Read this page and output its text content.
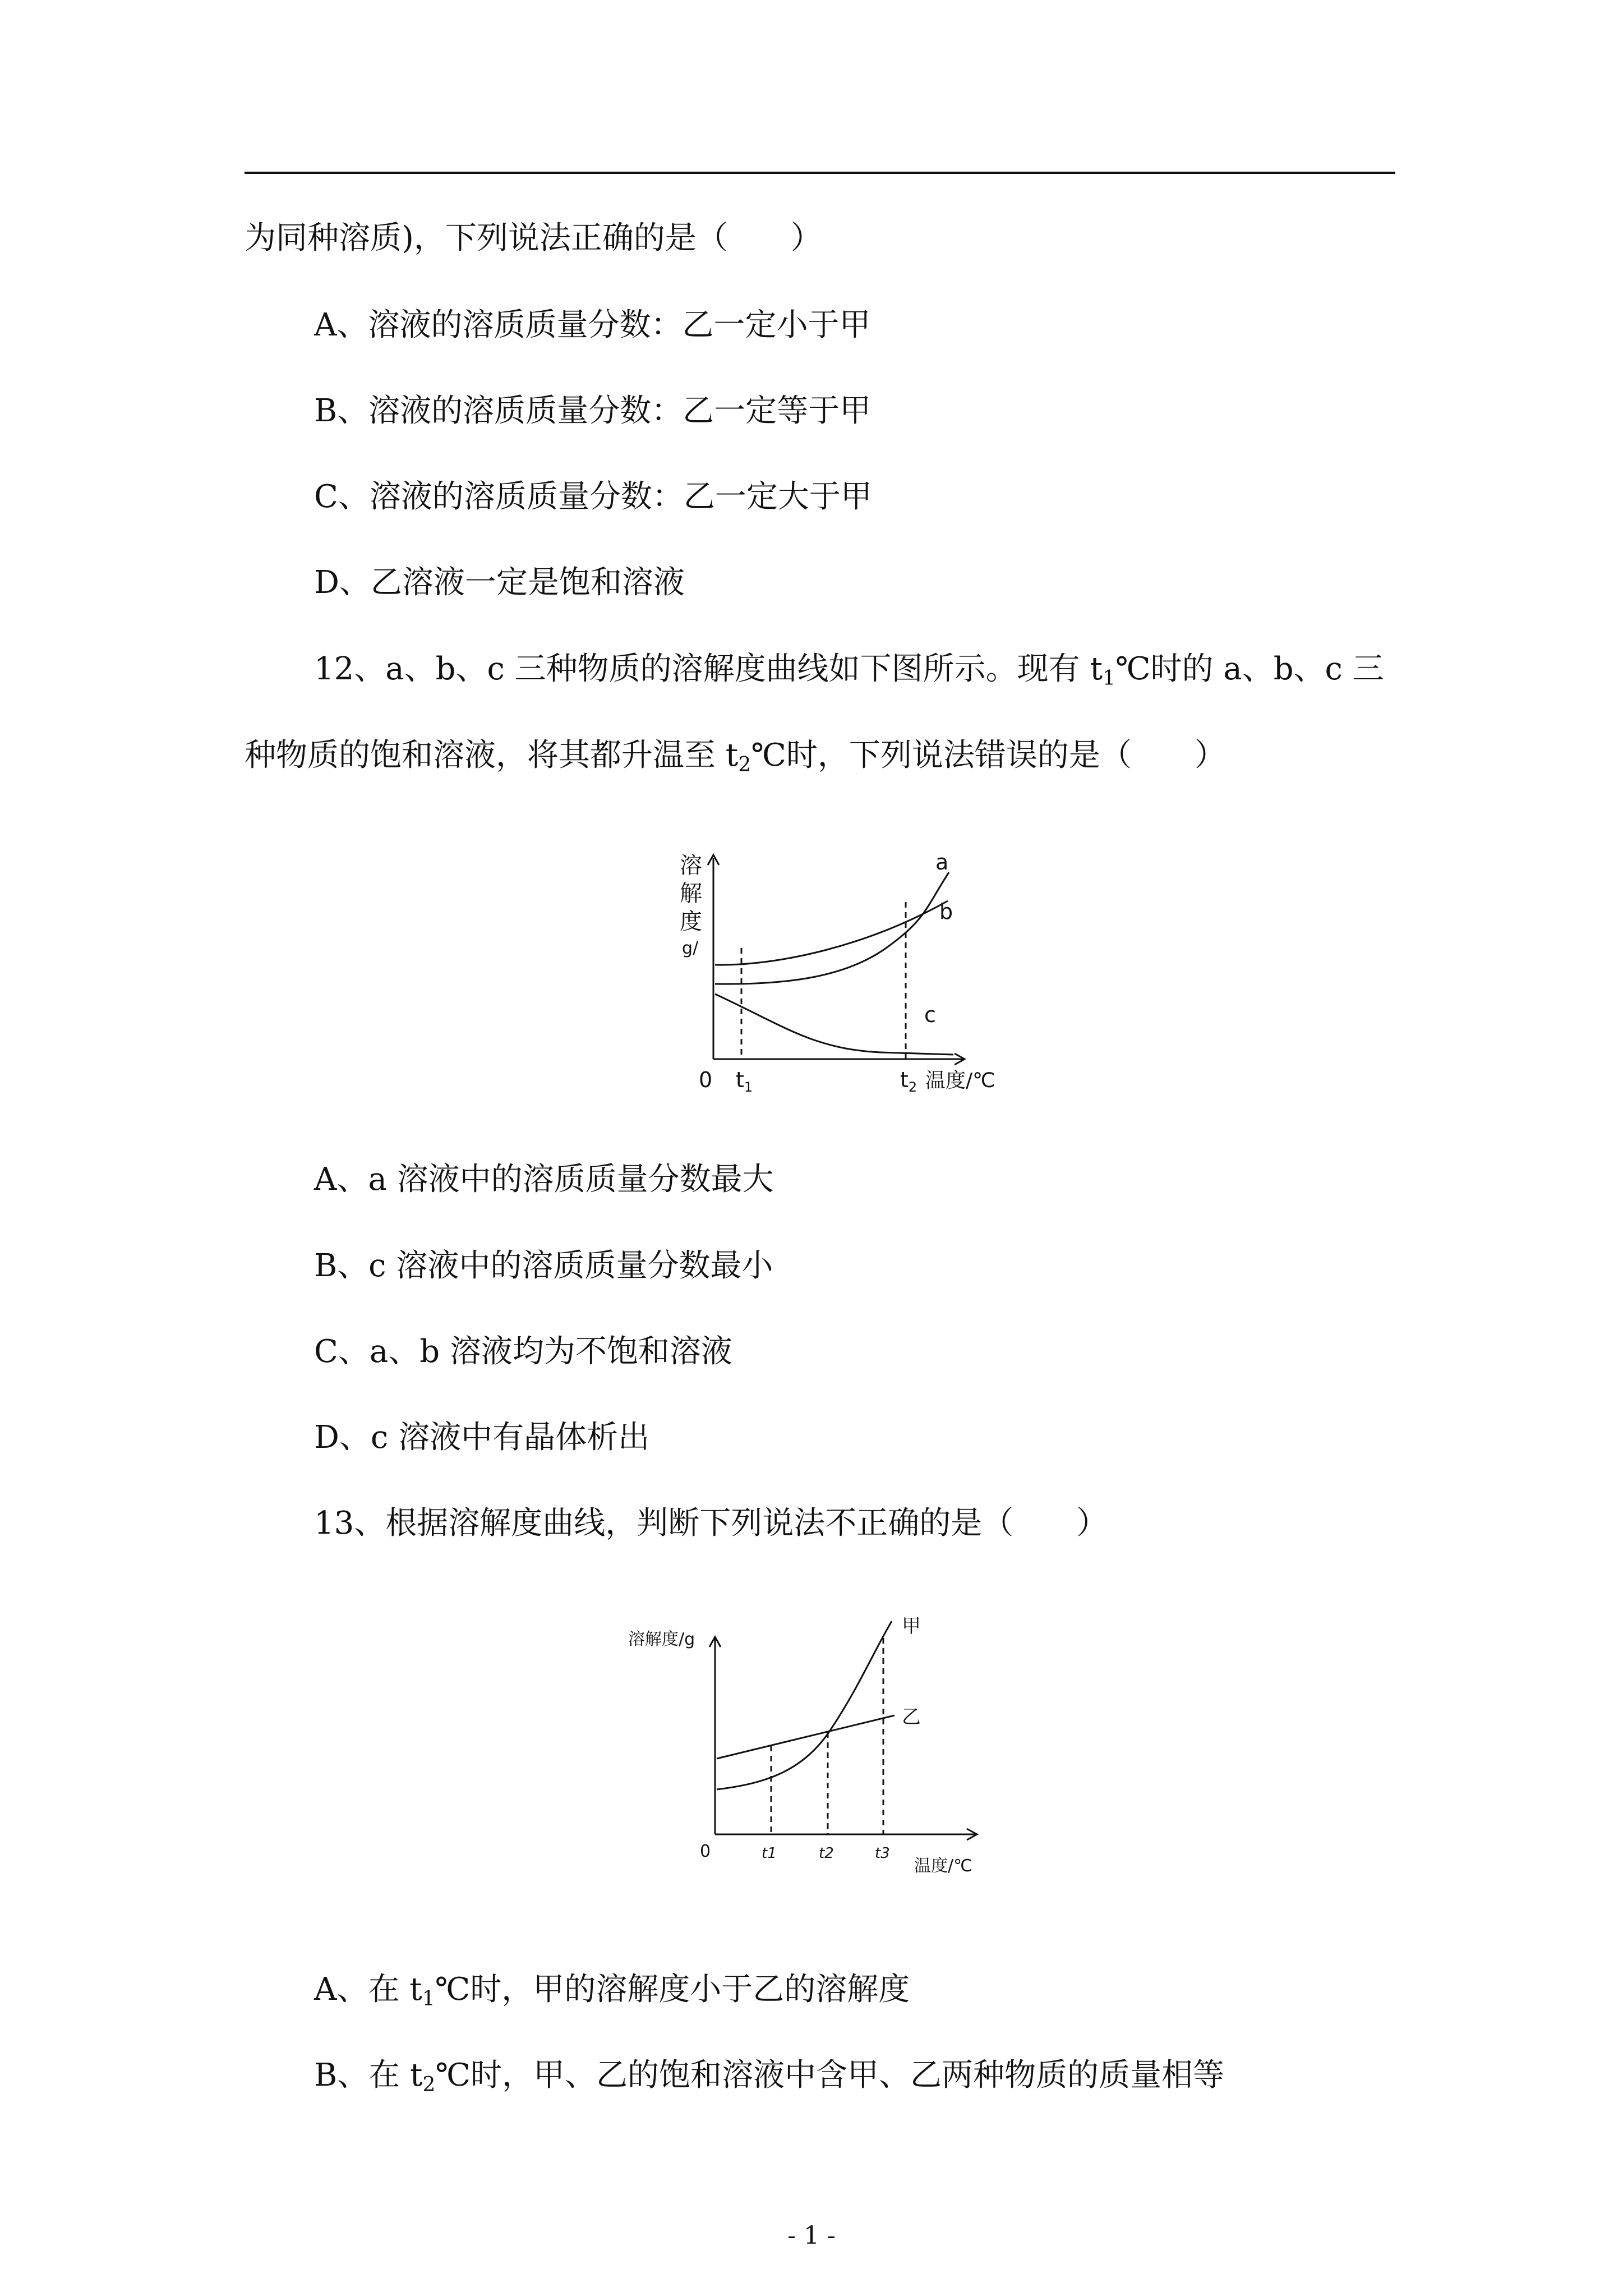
为同种溶质)，下列说法正确的是（　　）
A、溶液的溶质质量分数：乙一定小于甲
B、溶液的溶质质量分数：乙一定等于甲
C、溶液的溶质质量分数：乙一定大于甲
D、乙溶液一定是饱和溶液
12、a、b、c 三种物质的溶解度曲线如下图所示。现有 $t_1℃$时的 a、b、c 三
种物质的饱和溶液，将其都升温至 $t_2℃$时，下列说法错误的是（　　）
溶
解
度
g/
0 $t_1$	$t_2$ 温度/℃
a
b
c
A、a 溶液中的溶质质量分数最大
B、c 溶液中的溶质质量分数最小
C、a、b 溶液均为不饱和溶液
D、c 溶液中有晶体析出
13、根据溶解度曲线，判断下列说法不正确的是（　　）
溶解度/g
0	t1	t2	t3
温度/℃
甲
乙
A、在 $t_1℃$时，甲的溶解度小于乙的溶解度
B、在 $t_2℃$时，甲、乙的饱和溶液中含甲、乙两种物质的质量相等
- 1 -
